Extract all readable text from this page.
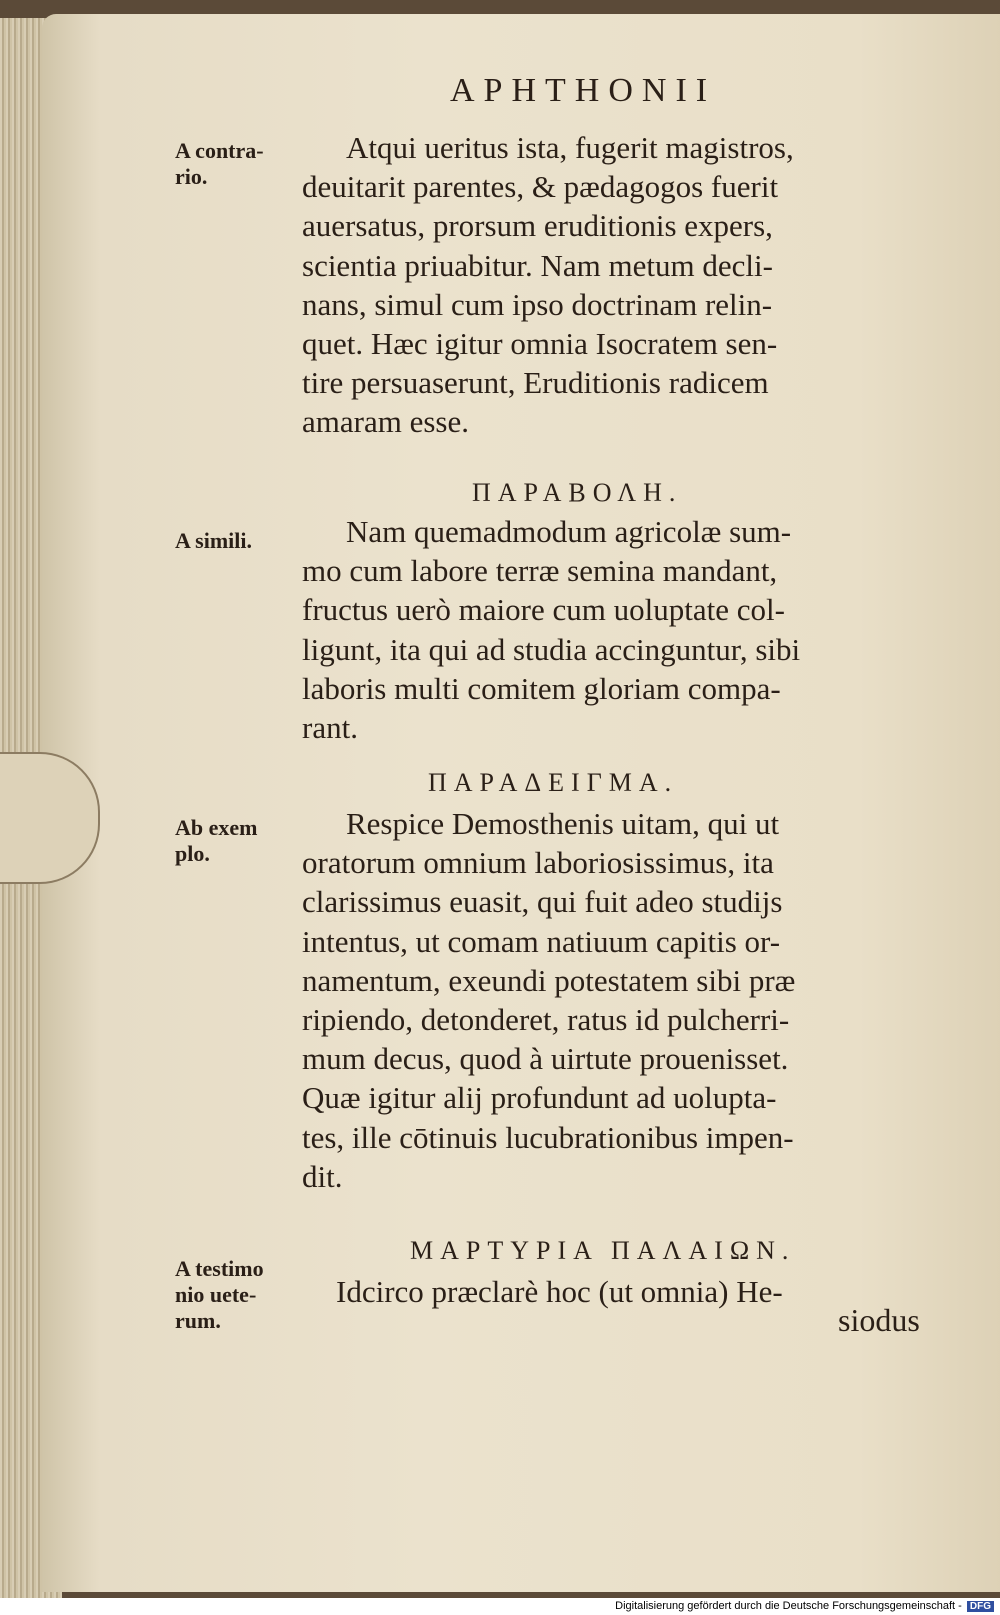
APHTHONII
A contra-
rio.
Atqui ueritus ista, fugerit magistros,
deuitarit parentes, & pædagogos fuerit
auersatus, prorsum eruditionis expers,
scientia priuabitur. Nam metum decli-
nans, simul cum ipso doctrinam relin-
quet. Hæc igitur omnia Isocratem sen-
tire persuaserunt, Eruditionis radicem
amaram esse.
ΠΑΡΑΒΟΛΗ.
A simili.	Nam quemadmodum agricolæ sum-
mo cum labore terræ semina mandant,
fructus uerò maiore cum uoluptate col-
ligunt, ita qui ad studia accinguntur, sibi
laboris multi comitem gloriam compa-
rant.
ΠΑΡΑΔΕΙΓΜΑ.
Ab exem
plo.
Respice Demosthenis uitam, qui ut
oratorum omnium laboriosissimus, ita
clarissimus euasit, qui fuit adeo studijs
intentus, ut comam natiuum capitis or-
namentum, exeundi potestatem sibi præ
ripiendo, detonderet, ratus id pulcherri-
mum decus, quod à uirtute prouenisset.
Quæ igitur alij profundunt ad uolupta-
tes, ille cōtinuis lucubrationibus impen-
dit.
ΜΑΡΤΥΡΙΑ ΠΑΛΑΙΩΝ.
A testimo
nio uete-
rum.
Idcirco præclarè hoc (ut omnia) He-
siodus
Digitalisierung gefördert durch die Deutsche Forschungsgemeinschaft - DFG
